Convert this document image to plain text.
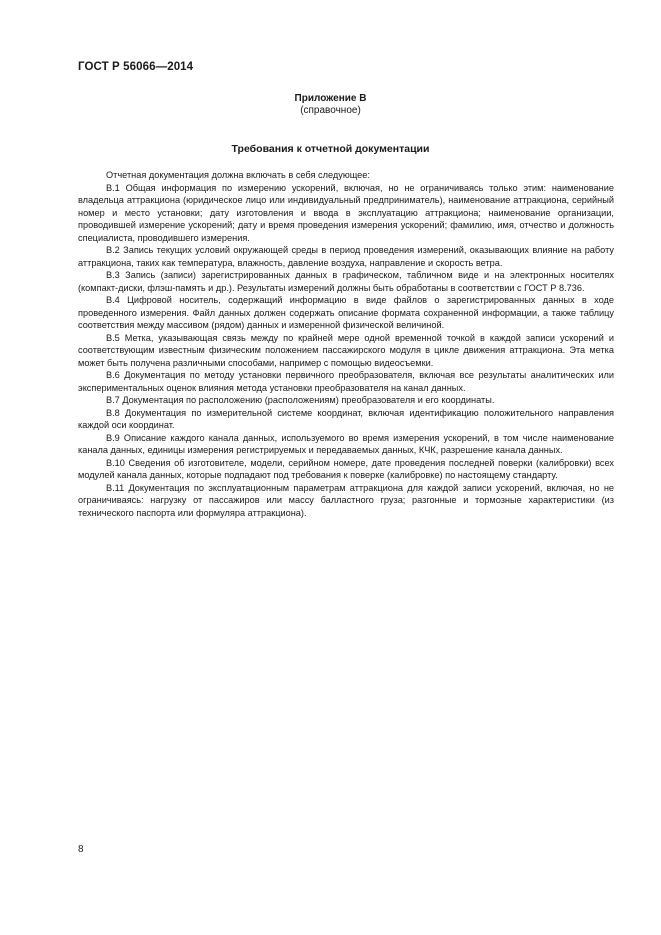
ГОСТ Р 56066—2014
Приложение В
(справочное)
Требования к отчетной документации

Отчетная документация должна включать в себя следующее:

В.1 Общая информация по измерению ускорений, включая, но не ограничиваясь только этим: наименование владельца аттракциона (юридическое лицо или индивидуальный предприниматель), наименование аттракциона, серийный номер и место установки; дату изготовления и ввода в эксплуатацию аттракциона; наименование организации, проводившей измерение ускорений; дату и время проведения измерения ускорений; фамилию, имя, отчество и должность специалиста, проводившего измерения.

В.2 Запись текущих условий окружающей среды в период проведения измерений, оказывающих влияние на работу аттракциона, таких как температура, влажность, давление воздуха, направление и скорость ветра.

В.3 Запись (записи) зарегистрированных данных в графическом, табличном виде и на электронных носителях (компакт-диски, флэш-память и др.). Результаты измерений должны быть обработаны в соответствии с ГОСТ Р 8.736.

В.4 Цифровой носитель, содержащий информацию в виде файлов о зарегистрированных данных в ходе проведенного измерения. Файл данных должен содержать описание формата сохраненной информации, а также таблицу соответствия между массивом (рядом) данных и измеренной физической величиной.

В.5 Метка, указывающая связь между по крайней мере одной временной точкой в каждой записи ускорений и соответствующим известным физическим положением пассажирского модуля в цикле движения аттракциона. Эта метка может быть получена различными способами, например с помощью видеосъемки.

В.6 Документация по методу установки первичного преобразователя, включая все результаты аналитических или экспериментальных оценок влияния метода установки преобразователя на канал данных.

В.7 Документация по расположению (расположениям) преобразователя и его координаты.

В.8 Документация по измерительной системе координат, включая идентификацию положительного направления каждой оси координат.

В.9 Описание каждого канала данных, используемого во время измерения ускорений, в том числе наименование канала данных, единицы измерения регистрируемых и передаваемых данных, КЧК, разрешение канала данных.

В.10 Сведения об изготовителе, модели, серийном номере, дате проведения последней поверки (калибровки) всех модулей канала данных, которые подпадают под требования к поверке (калибровке) по настоящему стандарту.

В.11 Документация по эксплуатационным параметрам аттракциона для каждой записи ускорений, включая, но не ограничиваясь: нагрузку от пассажиров или массу балластного груза; разгонные и тормозные характеристики (из технического паспорта или формуляра аттракциона).

8
